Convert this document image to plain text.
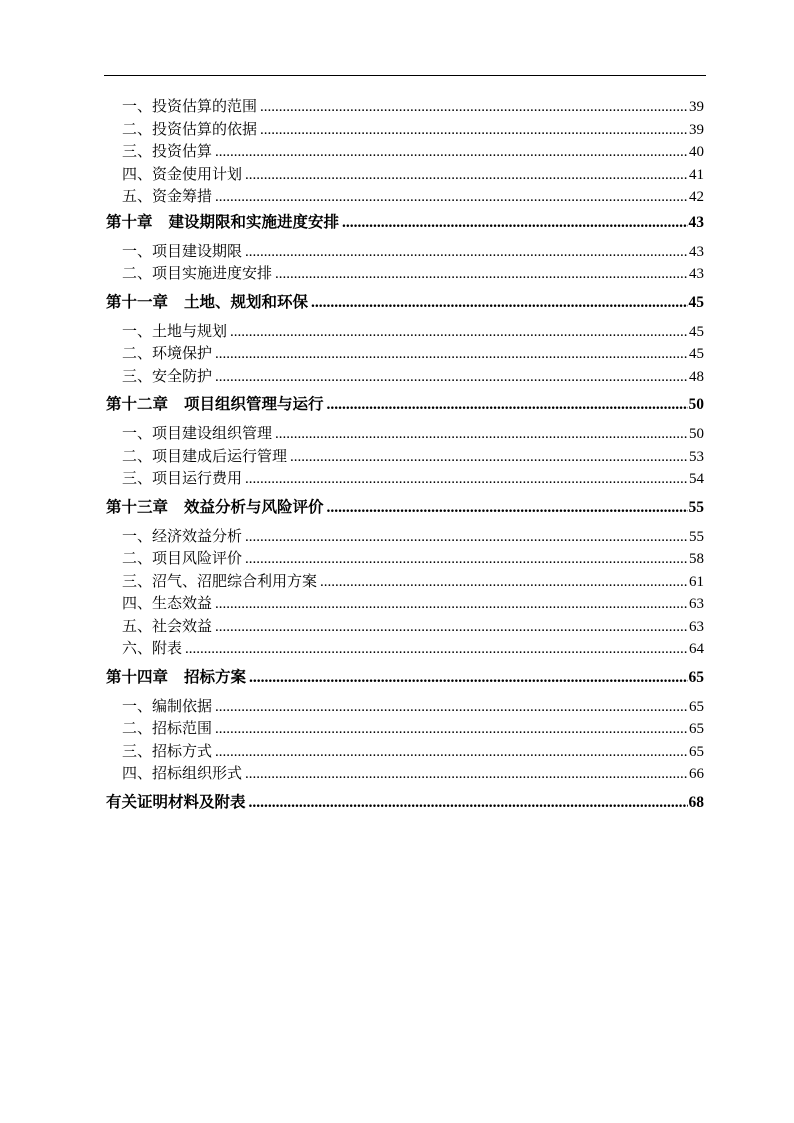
一、投资估算的范围 .....	39
二、投资估算的依据 .....	39
三、投资估算 .....	40
四、资金使用计划 .....	41
五、资金筹措 .....	42
第十章 建设期限和实施进度安排 .....	43
一、项目建设期限 .....	43
二、项目实施进度安排 .....	43
第十一章 土地、规划和环保 .....	45
一、土地与规划 .....	45
二、环境保护 .....	45
三、安全防护 .....	48
第十二章 项目组织管理与运行 .....	50
一、项目建设组织管理 .....	50
二、项目建成后运行管理 .....	53
三、项目运行费用 .....	54
第十三章 效益分析与风险评价 .....	55
一、经济效益分析 .....	55
二、项目风险评价 .....	58
三、沼气、沼肥综合利用方案 .....	61
四、生态效益 .....	63
五、社会效益 .....	63
六、附表 .....	64
第十四章 招标方案 .....	65
一、编制依据 .....	65
二、招标范围 .....	65
三、招标方式 .....	65
四、招标组织形式 .....	66
有关证明材料及附表 .....	68
